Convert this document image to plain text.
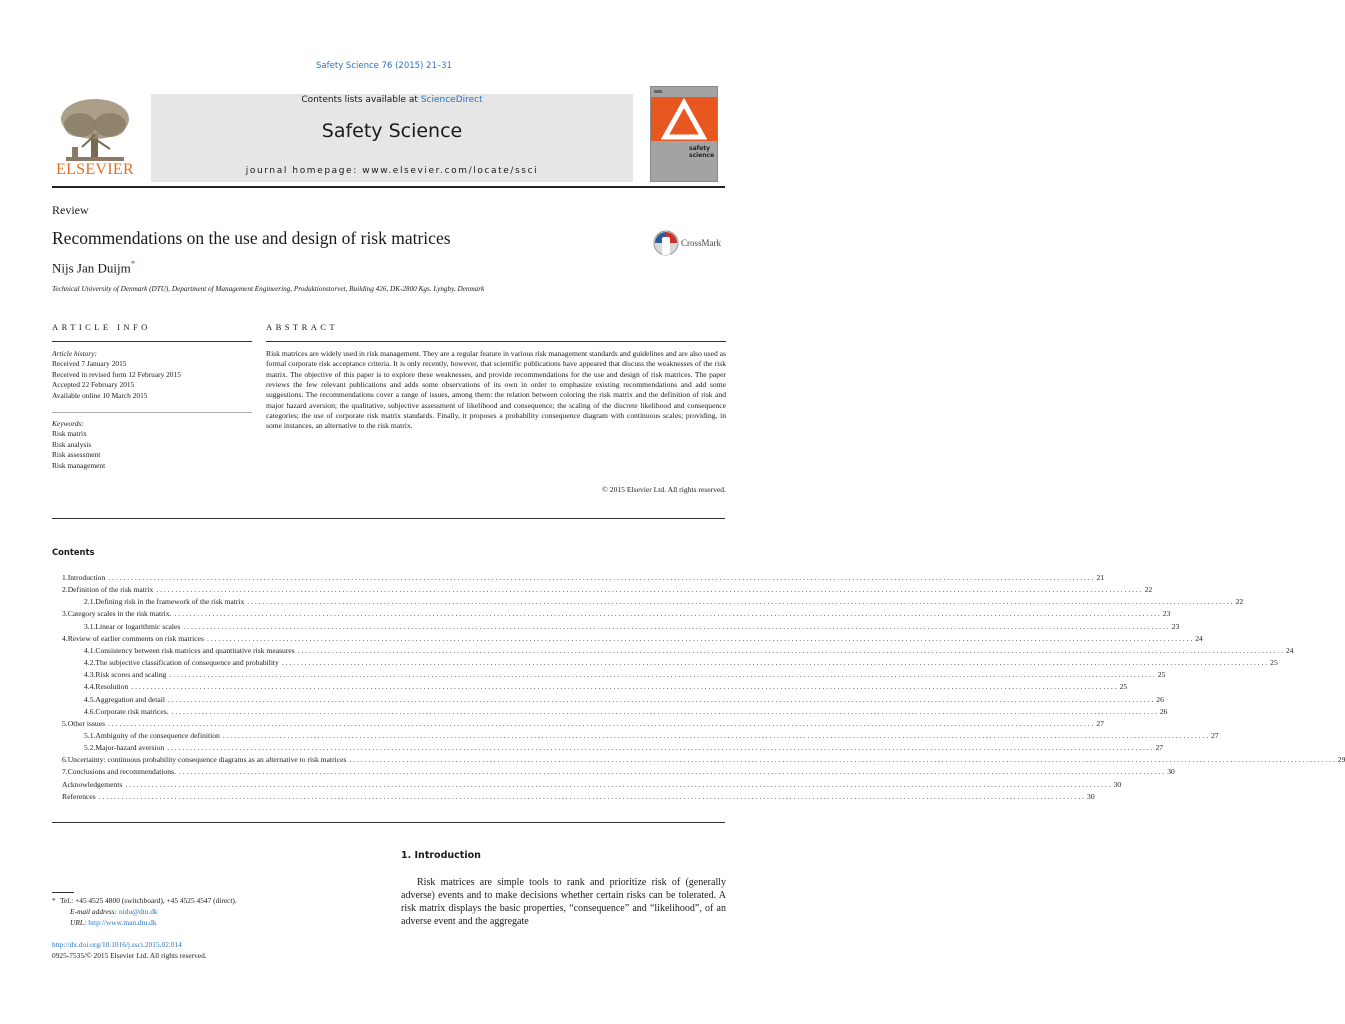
Safety Science 76 (2015) 21–31
ELSEVIER
Contents lists available at ScienceDirect
Safety Science
journal homepage: www.elsevier.com/locate/ssci
safety
science
Review
Recommendations on the use and design of risk matrices	CrossMark
Nijs Jan Duijm*
Technical University of Denmark (DTU), Department of Management Engineering, Produktionstorvet, Building 426, DK-2800 Kgs. Lyngby, Denmark
ARTICLE INFO	ABSTRACT
Article history:
Received 7 January 2015
Received in revised form 12 February 2015
Accepted 22 February 2015
Available online 10 March 2015
Keywords:
Risk matrix
Risk analysis
Risk assessment
Risk management
Risk matrices are widely used in risk management. They are a regular feature in various risk management standards and guidelines and are also used as formal corporate risk acceptance criteria. It is only recently, however, that scientific publications have appeared that discuss the weaknesses of the risk matrix. The objective of this paper is to explore these weaknesses, and provide recommendations for the use and design of risk matrices. The paper reviews the few relevant publications and adds some observations of its own in order to emphasize existing recommendations and add some suggestions. The recommendations cover a range of issues, among them: the relation between coloring the risk matrix and the definition of risk and major hazard aversion; the qualitative, subjective assessment of likelihood and consequence; the scaling of the discrete likelihood and consequence categories; the use of corporate risk matrix standards. Finally, it proposes a probability consequence diagram with continuous scales; providing, in some instances, an alternative to the risk matrix.
© 2015 Elsevier Ltd. All rights reserved.
Contents
1. Introduction . . . . . . . . . . . . . . . . . . . . . . . . . . . . . . . . . . . . . . . . . . . . . . . . . . . . . . . . . . . . . . . . . . . . . . . . . . . . . . . . . . . . . . . . . . . . . . . . . . . . . . . . . . . . . . . . . . . . . . . . . . . . . . . . . . . . . . . . . . . . . . . . . . . . . . . . . . . . . . . . . . . . . . . . . . . . . . . . . . . . . . . . . . . . . . . . . . . . . . . . . . . . . . . . . . . . . . . . . . . . . . . . . . . . . . . . . . . . . . . . . . . . . . . . . . . . . . . . . . . . 21
2. Definition of the risk matrix . . . . . . . . . . . . . . . . . . . . . . . . . . . . . . . . . . . . . . . . . . . . . . . . . . . . . . . . . . . . . . . . . . . . . . . . . . . . . . . . . . . . . . . . . . . . . . . . . . . . . . . . . . . . . . . . . . . . . . . . . . . . . . . . . . . . . . . . . . . . . . . . . . . . . . . . . . . . . . . . . . . . . . . . . . . . . . . . . . . . . . . . . . . . . . . . . . . . . . . . . . . . . . . . . . . . . . . . . . . . . . . . . . . . . . . . . . . . . . . . . . . . . . . . . . . . . . . . . . . . 22
2.1. Defining risk in the framework of the risk matrix . . . . . . . . . . . . . . . . . . . . . . . . . . . . . . . . . . . . . . . . . . . . . . . . . . . . . . . . . . . . . . . . . . . . . . . . . . . . . . . . . . . . . . . . . . . . . . . . . . . . . . . . . . . . . . . . . . . . . . . . . . . . . . . . . . . . . . . . . . . . . . . . . . . . . . . . . . . . . . . . . . . . . . . . . . . . . . . . . . . . . . . . . . . . . . . . . . . . . . . . . . . . . . . . . . . . . . . . . . . . . . . . . . . . . . . . . . . . . . . . . . . . . . . . . . . . . . . . . . . . 22
3. Category scales in the risk matrix. . . . . . . . . . . . . . . . . . . . . . . . . . . . . . . . . . . . . . . . . . . . . . . . . . . . . . . . . . . . . . . . . . . . . . . . . . . . . . . . . . . . . . . . . . . . . . . . . . . . . . . . . . . . . . . . . . . . . . . . . . . . . . . . . . . . . . . . . . . . . . . . . . . . . . . . . . . . . . . . . . . . . . . . . . . . . . . . . . . . . . . . . . . . . . . . . . . . . . . . . . . . . . . . . . . . . . . . . . . . . . . . . . . . . . . . . . . . . . . . . . . . . . . . . . . . . . . . . . . . . 23
3.1. Linear or logarithmic scales . . . . . . . . . . . . . . . . . . . . . . . . . . . . . . . . . . . . . . . . . . . . . . . . . . . . . . . . . . . . . . . . . . . . . . . . . . . . . . . . . . . . . . . . . . . . . . . . . . . . . . . . . . . . . . . . . . . . . . . . . . . . . . . . . . . . . . . . . . . . . . . . . . . . . . . . . . . . . . . . . . . . . . . . . . . . . . . . . . . . . . . . . . . . . . . . . . . . . . . . . . . . . . . . . . . . . . . . . . . . . . . . . . . . . . . . . . . . . . . . . . . . . . . . . . . . . . . . . . . . 23
4. Review of earlier comments on risk matrices . . . . . . . . . . . . . . . . . . . . . . . . . . . . . . . . . . . . . . . . . . . . . . . . . . . . . . . . . . . . . . . . . . . . . . . . . . . . . . . . . . . . . . . . . . . . . . . . . . . . . . . . . . . . . . . . . . . . . . . . . . . . . . . . . . . . . . . . . . . . . . . . . . . . . . . . . . . . . . . . . . . . . . . . . . . . . . . . . . . . . . . . . . . . . . . . . . . . . . . . . . . . . . . . . . . . . . . . . . . . . . . . . . . . . . . . . . . . . . . . . . . . . . . . . . . . . . . . . . . . 24
4.1. Consistency between risk matrices and quantitative risk measures . . . . . . . . . . . . . . . . . . . . . . . . . . . . . . . . . . . . . . . . . . . . . . . . . . . . . . . . . . . . . . . . . . . . . . . . . . . . . . . . . . . . . . . . . . . . . . . . . . . . . . . . . . . . . . . . . . . . . . . . . . . . . . . . . . . . . . . . . . . . . . . . . . . . . . . . . . . . . . . . . . . . . . . . . . . . . . . . . . . . . . . . . . . . . . . . . . . . . . . . . . . . . . . . . . . . . . . . . . . . . . . . . . . . . . . . . . . . . . . . . . . . . . . . . . . . . . . . . . . . 24
4.2. The subjective classification of consequence and probability . . . . . . . . . . . . . . . . . . . . . . . . . . . . . . . . . . . . . . . . . . . . . . . . . . . . . . . . . . . . . . . . . . . . . . . . . . . . . . . . . . . . . . . . . . . . . . . . . . . . . . . . . . . . . . . . . . . . . . . . . . . . . . . . . . . . . . . . . . . . . . . . . . . . . . . . . . . . . . . . . . . . . . . . . . . . . . . . . . . . . . . . . . . . . . . . . . . . . . . . . . . . . . . . . . . . . . . . . . . . . . . . . . . . . . . . . . . . . . . . . . . . . . . . . . . . . . . . . . . . 25
4.3. Risk scores and scaling . . . . . . . . . . . . . . . . . . . . . . . . . . . . . . . . . . . . . . . . . . . . . . . . . . . . . . . . . . . . . . . . . . . . . . . . . . . . . . . . . . . . . . . . . . . . . . . . . . . . . . . . . . . . . . . . . . . . . . . . . . . . . . . . . . . . . . . . . . . . . . . . . . . . . . . . . . . . . . . . . . . . . . . . . . . . . . . . . . . . . . . . . . . . . . . . . . . . . . . . . . . . . . . . . . . . . . . . . . . . . . . . . . . . . . . . . . . . . . . . . . . . . . . . . . . . . . . . . . . . 25
4.4. Resolution . . . . . . . . . . . . . . . . . . . . . . . . . . . . . . . . . . . . . . . . . . . . . . . . . . . . . . . . . . . . . . . . . . . . . . . . . . . . . . . . . . . . . . . . . . . . . . . . . . . . . . . . . . . . . . . . . . . . . . . . . . . . . . . . . . . . . . . . . . . . . . . . . . . . . . . . . . . . . . . . . . . . . . . . . . . . . . . . . . . . . . . . . . . . . . . . . . . . . . . . . . . . . . . . . . . . . . . . . . . . . . . . . . . . . . . . . . . . . . . . . . . . . . . . . . . . . . . . . . . . 25
4.5. Aggregation and detail . . . . . . . . . . . . . . . . . . . . . . . . . . . . . . . . . . . . . . . . . . . . . . . . . . . . . . . . . . . . . . . . . . . . . . . . . . . . . . . . . . . . . . . . . . . . . . . . . . . . . . . . . . . . . . . . . . . . . . . . . . . . . . . . . . . . . . . . . . . . . . . . . . . . . . . . . . . . . . . . . . . . . . . . . . . . . . . . . . . . . . . . . . . . . . . . . . . . . . . . . . . . . . . . . . . . . . . . . . . . . . . . . . . . . . . . . . . . . . . . . . . . . . . . . . . . . . . . . . . . 26
4.6. Corporate risk matrices. . . . . . . . . . . . . . . . . . . . . . . . . . . . . . . . . . . . . . . . . . . . . . . . . . . . . . . . . . . . . . . . . . . . . . . . . . . . . . . . . . . . . . . . . . . . . . . . . . . . . . . . . . . . . . . . . . . . . . . . . . . . . . . . . . . . . . . . . . . . . . . . . . . . . . . . . . . . . . . . . . . . . . . . . . . . . . . . . . . . . . . . . . . . . . . . . . . . . . . . . . . . . . . . . . . . . . . . . . . . . . . . . . . . . . . . . . . . . . . . . . . . . . . . . . . . . . . . . . . . . 26
5. Other issues . . . . . . . . . . . . . . . . . . . . . . . . . . . . . . . . . . . . . . . . . . . . . . . . . . . . . . . . . . . . . . . . . . . . . . . . . . . . . . . . . . . . . . . . . . . . . . . . . . . . . . . . . . . . . . . . . . . . . . . . . . . . . . . . . . . . . . . . . . . . . . . . . . . . . . . . . . . . . . . . . . . . . . . . . . . . . . . . . . . . . . . . . . . . . . . . . . . . . . . . . . . . . . . . . . . . . . . . . . . . . . . . . . . . . . . . . . . . . . . . . . . . . . . . . . . . . . . . . . . . 27
5.1. Ambiguity of the consequence definition . . . . . . . . . . . . . . . . . . . . . . . . . . . . . . . . . . . . . . . . . . . . . . . . . . . . . . . . . . . . . . . . . . . . . . . . . . . . . . . . . . . . . . . . . . . . . . . . . . . . . . . . . . . . . . . . . . . . . . . . . . . . . . . . . . . . . . . . . . . . . . . . . . . . . . . . . . . . . . . . . . . . . . . . . . . . . . . . . . . . . . . . . . . . . . . . . . . . . . . . . . . . . . . . . . . . . . . . . . . . . . . . . . . . . . . . . . . . . . . . . . . . . . . . . . . . . . . . . . . . 27
5.2. Major-hazard aversion . . . . . . . . . . . . . . . . . . . . . . . . . . . . . . . . . . . . . . . . . . . . . . . . . . . . . . . . . . . . . . . . . . . . . . . . . . . . . . . . . . . . . . . . . . . . . . . . . . . . . . . . . . . . . . . . . . . . . . . . . . . . . . . . . . . . . . . . . . . . . . . . . . . . . . . . . . . . . . . . . . . . . . . . . . . . . . . . . . . . . . . . . . . . . . . . . . . . . . . . . . . . . . . . . . . . . . . . . . . . . . . . . . . . . . . . . . . . . . . . . . . . . . . . . . . . . . . . . . . . 27
6. Uncertainty: continuous probability consequence diagrams as an alternative to risk matrices . . . . . . . . . . . . . . . . . . . . . . . . . . . . . . . . . . . . . . . . . . . . . . . . . . . . . . . . . . . . . . . . . . . . . . . . . . . . . . . . . . . . . . . . . . . . . . . . . . . . . . . . . . . . . . . . . . . . . . . . . . . . . . . . . . . . . . . . . . . . . . . . . . . . . . . . . . . . . . . . . . . . . . . . . . . . . . . . . . . . . . . . . . . . . . . . . . . . . . . . . . . . . . . . . . . . . . . . . . . . . . . . . . . . . . . . . . . . . . . . . . . . . . . . . . . . . . . . . . . . 29
7. Conclusions and recommendations. . . . . . . . . . . . . . . . . . . . . . . . . . . . . . . . . . . . . . . . . . . . . . . . . . . . . . . . . . . . . . . . . . . . . . . . . . . . . . . . . . . . . . . . . . . . . . . . . . . . . . . . . . . . . . . . . . . . . . . . . . . . . . . . . . . . . . . . . . . . . . . . . . . . . . . . . . . . . . . . . . . . . . . . . . . . . . . . . . . . . . . . . . . . . . . . . . . . . . . . . . . . . . . . . . . . . . . . . . . . . . . . . . . . . . . . . . . . . . . . . . . . . . . . . . . . . . . . . . . . . 30
Acknowledgements . . . . . . . . . . . . . . . . . . . . . . . . . . . . . . . . . . . . . . . . . . . . . . . . . . . . . . . . . . . . . . . . . . . . . . . . . . . . . . . . . . . . . . . . . . . . . . . . . . . . . . . . . . . . . . . . . . . . . . . . . . . . . . . . . . . . . . . . . . . . . . . . . . . . . . . . . . . . . . . . . . . . . . . . . . . . . . . . . . . . . . . . . . . . . . . . . . . . . . . . . . . . . . . . . . . . . . . . . . . . . . . . . . . . . . . . . . . . . . . . . . . . . . . . . . . . . . . . . . . . 30
References . . . . . . . . . . . . . . . . . . . . . . . . . . . . . . . . . . . . . . . . . . . . . . . . . . . . . . . . . . . . . . . . . . . . . . . . . . . . . . . . . . . . . . . . . . . . . . . . . . . . . . . . . . . . . . . . . . . . . . . . . . . . . . . . . . . . . . . . . . . . . . . . . . . . . . . . . . . . . . . . . . . . . . . . . . . . . . . . . . . . . . . . . . . . . . . . . . . . . . . . . . . . . . . . . . . . . . . . . . . . . . . . . . . . . . . . . . . . . . . . . . . . . . . . . . . . . . . . . . . . 30
* Tel.: +45 4525 4800 (switchboard), +45 4525 4547 (direct).
E-mail address: nidu@dtu.dk
URL: http://www.man.dtu.dk
http://dx.doi.org/10.1016/j.ssci.2015.02.014
0925-7535/© 2015 Elsevier Ltd. All rights reserved.
1. Introduction
Risk matrices are simple tools to rank and prioritize risk of (generally adverse) events and to make decisions whether certain risks can be tolerated. A risk matrix displays the basic properties, “consequence” and “likelihood”, of an adverse event and the aggregate
